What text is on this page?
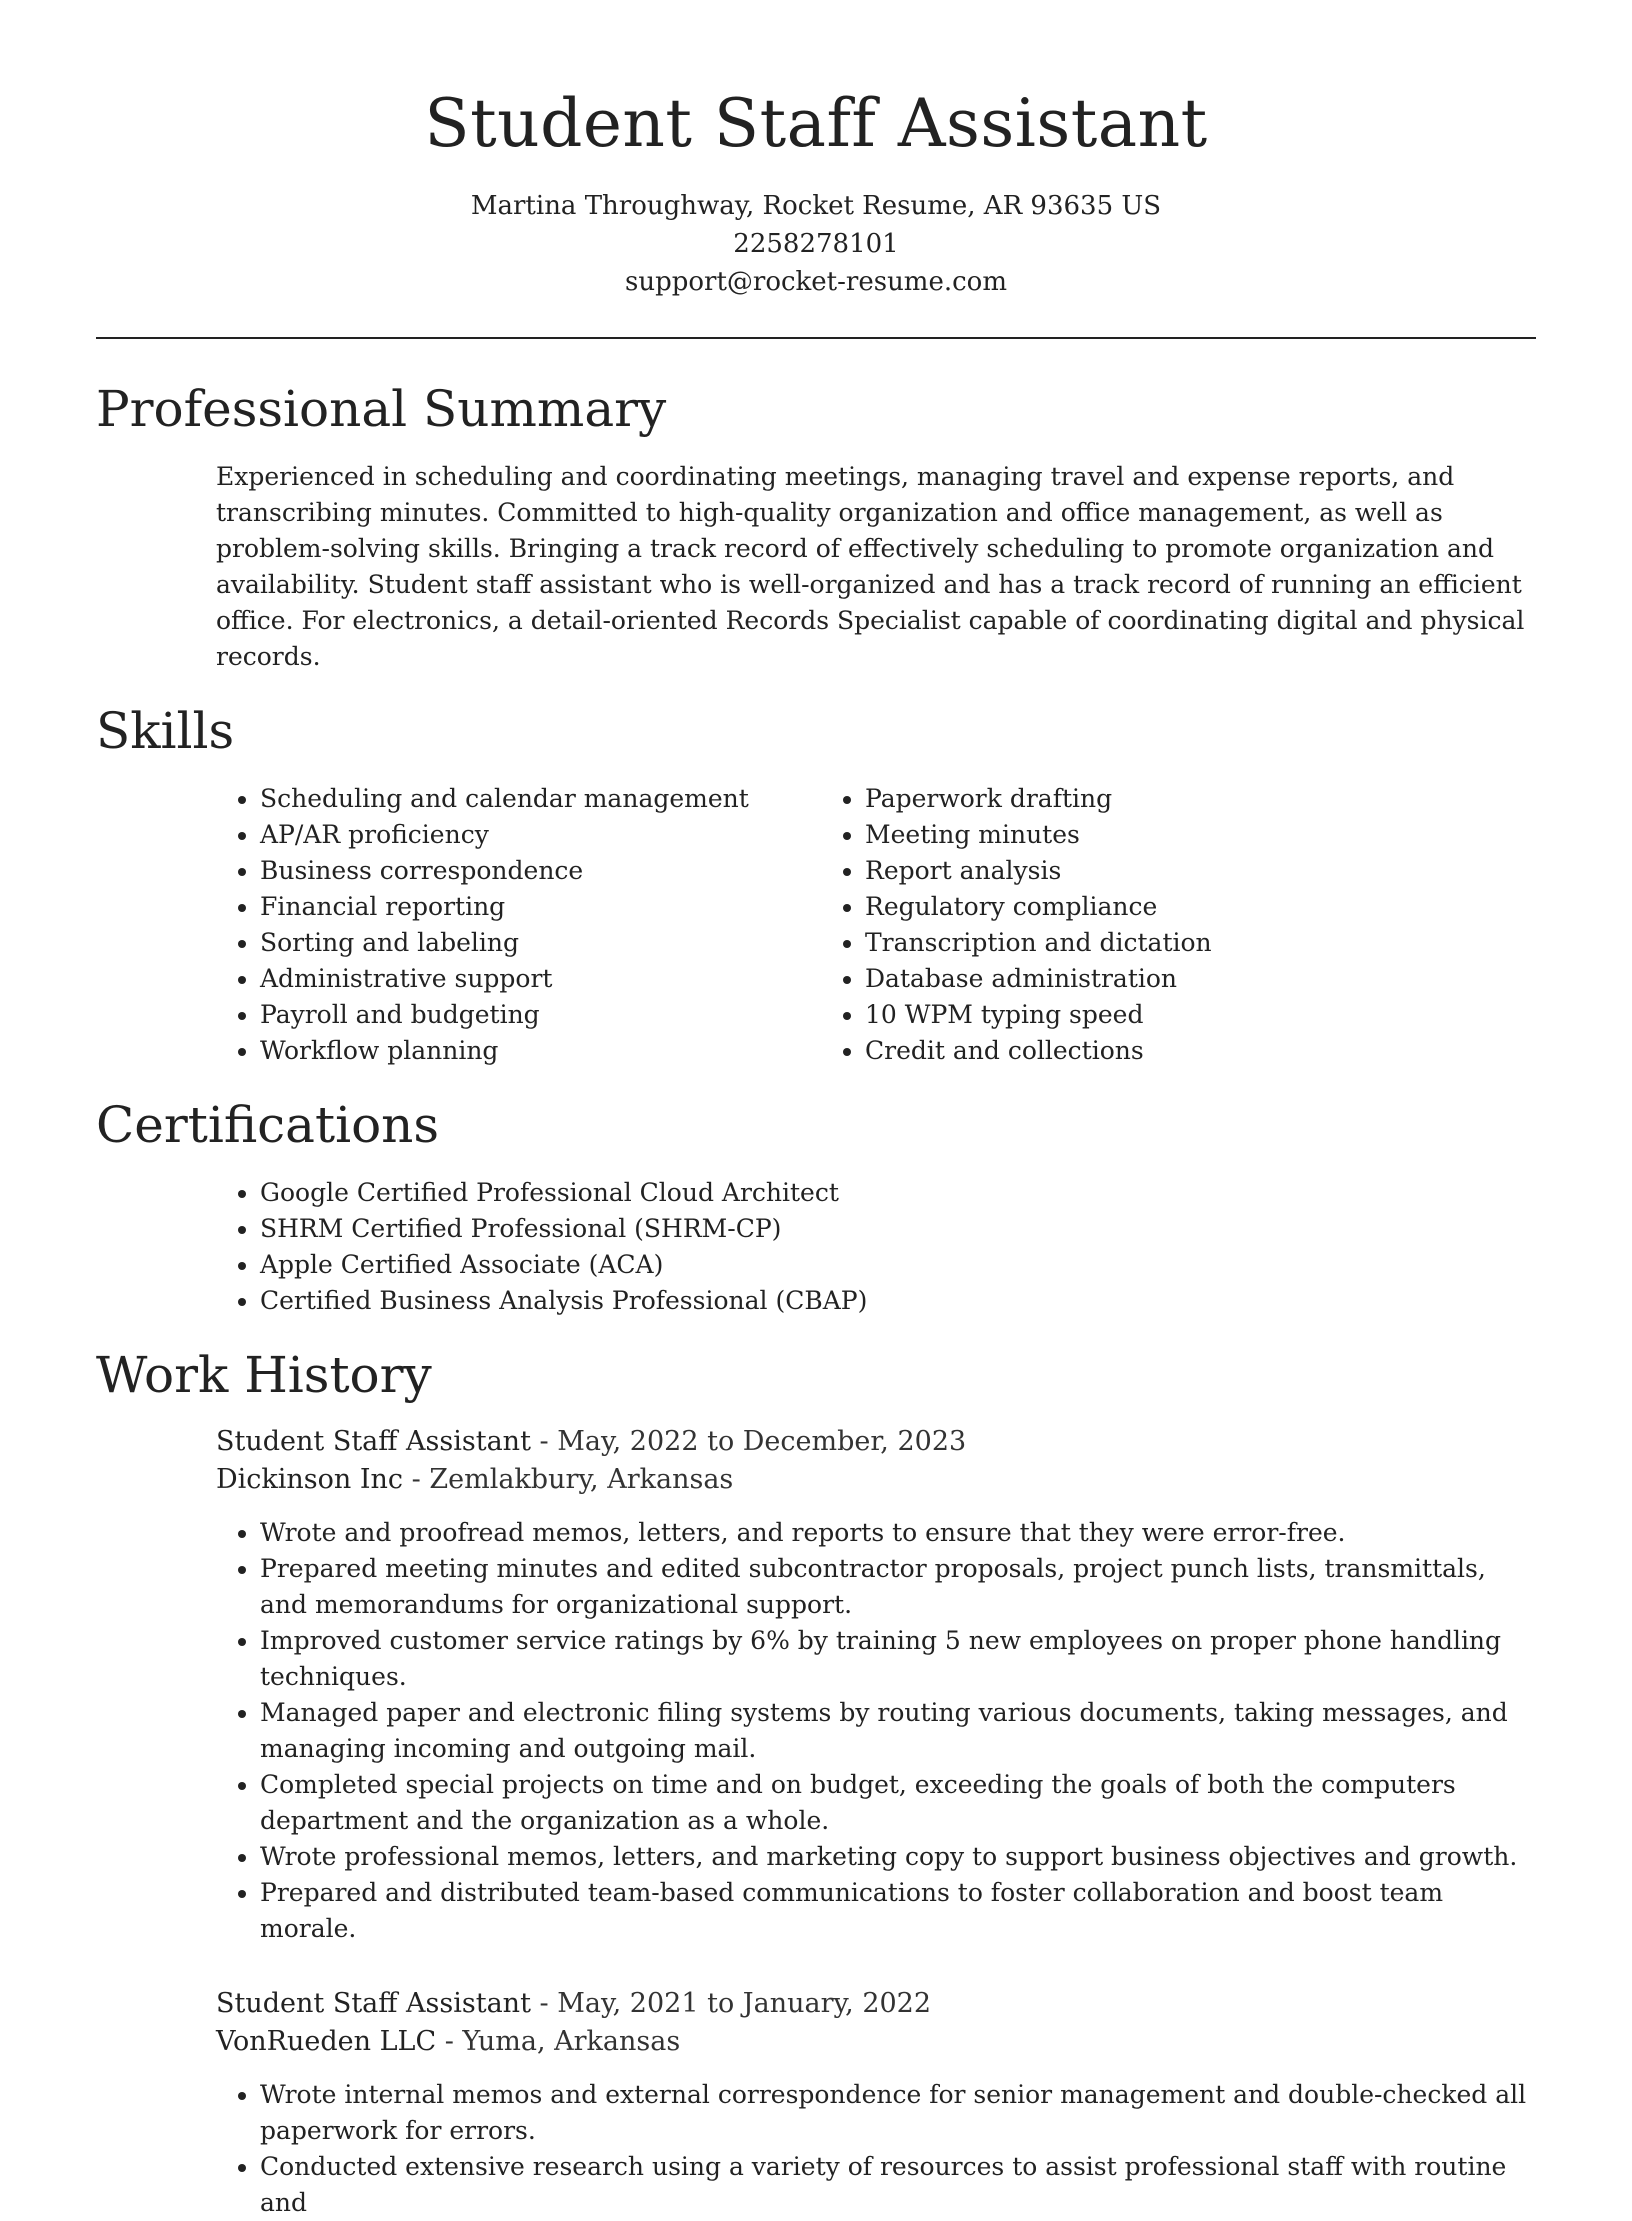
Student Staff Assistant
Martina Throughway, Rocket Resume, AR 93635 US
2258278101
support@rocket-resume.com
Professional Summary

Experienced in scheduling and coordinating meetings, managing travel and expense reports, and transcribing minutes. Committed to high-quality organization and office management, as well as problem-solving skills. Bringing a track record of effectively scheduling to promote organization and availability. Student staff assistant who is well-organized and has a track record of running an efficient office. For electronics, a detail-oriented Records Specialist capable of coordinating digital and physical records.

Skills
• Scheduling and calendar management
• AP/AR proficiency
• Business correspondence
• Financial reporting
• Sorting and labeling
• Administrative support
• Payroll and budgeting
• Workflow planning
• Paperwork drafting
• Meeting minutes
• Report analysis
• Regulatory compliance
• Transcription and dictation
• Database administration
• 10 WPM typing speed
• Credit and collections
Certifications
• Google Certified Professional Cloud Architect
• SHRM Certified Professional (SHRM-CP)
• Apple Certified Associate (ACA)
• Certified Business Analysis Professional (CBAP)
Work History
Student Staff Assistant - May, 2022 to December, 2023
Dickinson Inc - Zemlakbury, Arkansas
• Wrote and proofread memos, letters, and reports to ensure that they were error-free.
• Prepared meeting minutes and edited subcontractor proposals, project punch lists, transmittals, and memorandums for organizational support.
• Improved customer service ratings by 6% by training 5 new employees on proper phone handling techniques.
• Managed paper and electronic filing systems by routing various documents, taking messages, and managing incoming and outgoing mail.
• Completed special projects on time and on budget, exceeding the goals of both the computers department and the organization as a whole.
• Wrote professional memos, letters, and marketing copy to support business objectives and growth.
• Prepared and distributed team-based communications to foster collaboration and boost team morale.
Student Staff Assistant - May, 2021 to January, 2022
VonRueden LLC - Yuma, Arkansas
• Wrote internal memos and external correspondence for senior management and double-checked all paperwork for errors.
• Conducted extensive research using a variety of resources to assist professional staff with routine and
